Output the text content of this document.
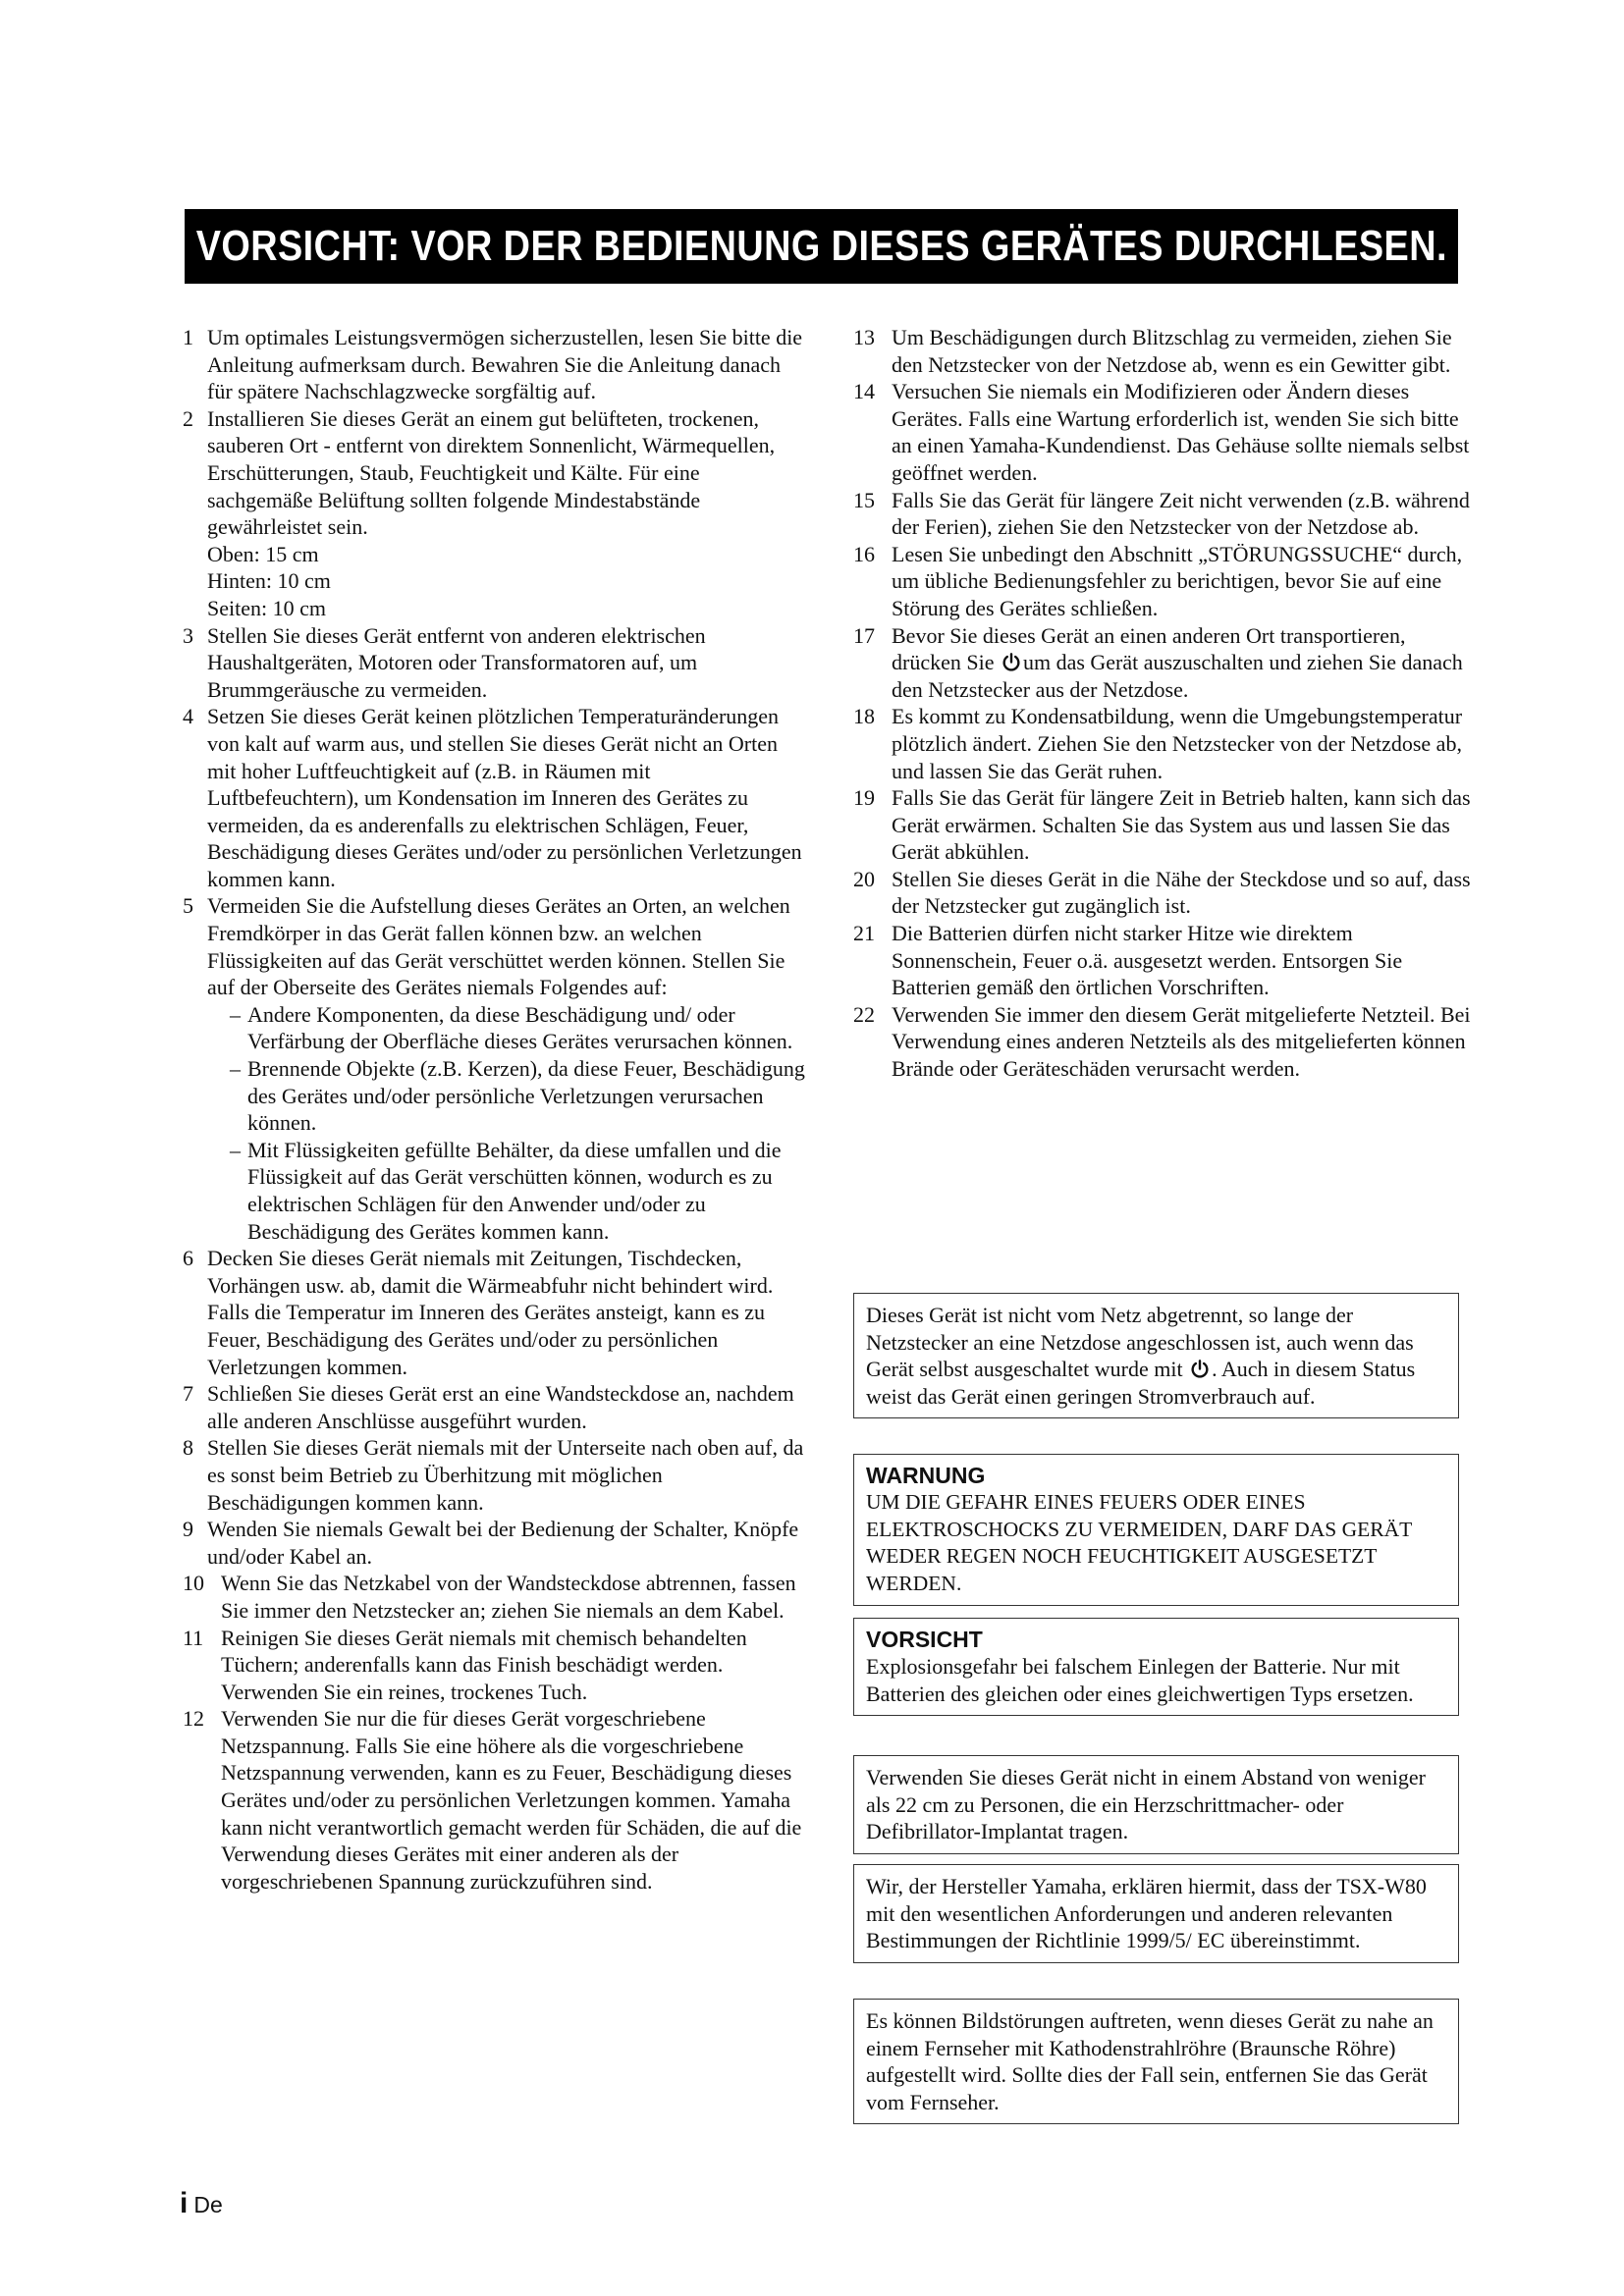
VORSICHT: VOR DER BEDIENUNG DIESES GERÄTES DURCHLESEN.
1 Um optimales Leistungsvermögen sicherzustellen, lesen Sie bitte die Anleitung aufmerksam durch. Bewahren Sie die Anleitung danach für spätere Nachschlagzwecke sorgfältig auf.
2 Installieren Sie dieses Gerät an einem gut belüfteten, trockenen, sauberen Ort - entfernt von direktem Sonnenlicht, Wärmequellen, Erschütterungen, Staub, Feuchtigkeit und Kälte. Für eine sachgemäße Belüftung sollten folgende Mindestabstände gewährleistet sein.

Oben: 15 cm

Hinten: 10 cm

Seiten: 10 cm

3 Stellen Sie dieses Gerät entfernt von anderen elektrischen Haushaltgeräten, Motoren oder Transformatoren auf, um Brummgeräusche zu vermeiden.
4 Setzen Sie dieses Gerät keinen plötzlichen Temperaturänderungen von kalt auf warm aus, und stellen Sie dieses Gerät nicht an Orten mit hoher Luftfeuchtigkeit auf (z.B. in Räumen mit Luftbefeuchtern), um Kondensation im Inneren des Gerätes zu vermeiden, da es anderenfalls zu elektrischen Schlägen, Feuer, Beschädigung dieses Gerätes und/oder zu persönlichen Verletzungen kommen kann.
5 Vermeiden Sie die Aufstellung dieses Gerätes an Orten, an welchen Fremdkörper in das Gerät fallen können bzw. an welchen Flüssigkeiten auf das Gerät verschüttet werden können. Stellen Sie auf der Oberseite des Gerätes niemals Folgendes auf:
– Andere Komponenten, da diese Beschädigung und/ oder Verfärbung der Oberfläche dieses Gerätes verursachen können.
– Brennende Objekte (z.B. Kerzen), da diese Feuer, Beschädigung des Gerätes und/oder persönliche Verletzungen verursachen können.
– Mit Flüssigkeiten gefüllte Behälter, da diese umfallen und die Flüssigkeit auf das Gerät verschütten können, wodurch es zu elektrischen Schlägen für den Anwender und/oder zu Beschädigung des Gerätes kommen kann.
6 Decken Sie dieses Gerät niemals mit Zeitungen, Tischdecken, Vorhängen usw. ab, damit die Wärmeabfuhr nicht behindert wird. Falls die Temperatur im Inneren des Gerätes ansteigt, kann es zu Feuer, Beschädigung des Gerätes und/oder zu persönlichen Verletzungen kommen.
7 Schließen Sie dieses Gerät erst an eine Wandsteckdose an, nachdem alle anderen Anschlüsse ausgeführt wurden.
8 Stellen Sie dieses Gerät niemals mit der Unterseite nach oben auf, da es sonst beim Betrieb zu Überhitzung mit möglichen Beschädigungen kommen kann.
9 Wenden Sie niemals Gewalt bei der Bedienung der Schalter, Knöpfe und/oder Kabel an.
10 Wenn Sie das Netzkabel von der Wandsteckdose abtrennen, fassen Sie immer den Netzstecker an; ziehen Sie niemals an dem Kabel.
11 Reinigen Sie dieses Gerät niemals mit chemisch behandelten Tüchern; anderenfalls kann das Finish beschädigt werden. Verwenden Sie ein reines, trockenes Tuch.
12 Verwenden Sie nur die für dieses Gerät vorgeschriebene Netzspannung. Falls Sie eine höhere als die vorgeschriebene Netzspannung verwenden, kann es zu Feuer, Beschädigung dieses Gerätes und/oder zu persönlichen Verletzungen kommen. Yamaha kann nicht verantwortlich gemacht werden für Schäden, die auf die Verwendung dieses Gerätes mit einer anderen als der vorgeschriebenen Spannung zurückzuführen sind.
13 Um Beschädigungen durch Blitzschlag zu vermeiden, ziehen Sie den Netzstecker von der Netzdose ab, wenn es ein Gewitter gibt.
14 Versuchen Sie niemals ein Modifizieren oder Ändern dieses Gerätes. Falls eine Wartung erforderlich ist, wenden Sie sich bitte an einen Yamaha-Kundendienst. Das Gehäuse sollte niemals selbst geöffnet werden.
15 Falls Sie das Gerät für längere Zeit nicht verwenden (z.B. während der Ferien), ziehen Sie den Netzstecker von der Netzdose ab.
16 Lesen Sie unbedingt den Abschnitt „STÖRUNGSSUCHE“ durch, um übliche Bedienungsfehler zu berichtigen, bevor Sie auf eine Störung des Gerätes schließen.
17 Bevor Sie dieses Gerät an einen anderen Ort transportieren, drücken Sie um das Gerät auszuschalten und ziehen Sie danach den Netzstecker aus der Netzdose.
18 Es kommt zu Kondensatbildung, wenn die Umgebungstemperatur plötzlich ändert. Ziehen Sie den Netzstecker von der Netzdose ab, und lassen Sie das Gerät ruhen.
19 Falls Sie das Gerät für längere Zeit in Betrieb halten, kann sich das Gerät erwärmen. Schalten Sie das System aus und lassen Sie das Gerät abkühlen.
20 Stellen Sie dieses Gerät in die Nähe der Steckdose und so auf, dass der Netzstecker gut zugänglich ist.
21 Die Batterien dürfen nicht starker Hitze wie direktem Sonnenschein, Feuer o.ä. ausgesetzt werden. Entsorgen Sie Batterien gemäß den örtlichen Vorschriften.
22 Verwenden Sie immer den diesem Gerät mitgelieferte Netzteil. Bei Verwendung eines anderen Netzteils als des mitgelieferten können Brände oder Geräteschäden verursacht werden.
Dieses Gerät ist nicht vom Netz abgetrennt, so lange der Netzstecker an eine Netzdose angeschlossen ist, auch wenn das Gerät selbst ausgeschaltet wurde mit . Auch in diesem Status weist das Gerät einen geringen Stromverbrauch auf.
WARNUNG
UM DIE GEFAHR EINES FEUERS ODER EINES ELEKTROSCHOCKS ZU VERMEIDEN, DARF DAS GERÄT WEDER REGEN NOCH FEUCHTIGKEIT AUSGESETZT WERDEN.
VORSICHT
Explosionsgefahr bei falschem Einlegen der Batterie. Nur mit Batterien des gleichen oder eines gleichwertigen Typs ersetzen.
Verwenden Sie dieses Gerät nicht in einem Abstand von weniger als 22 cm zu Personen, die ein Herzschrittmacher- oder Defibrillator-Implantat tragen.
Wir, der Hersteller Yamaha, erklären hiermit, dass der TSX-W80 mit den wesentlichen Anforderungen und anderen relevanten Bestimmungen der Richtlinie 1999/5/ EC übereinstimmt.
Es können Bildstörungen auftreten, wenn dieses Gerät zu nahe an einem Fernseher mit Kathodenstrahlröhre (Braunsche Röhre) aufgestellt wird. Sollte dies der Fall sein, entfernen Sie das Gerät vom Fernseher.
i De
